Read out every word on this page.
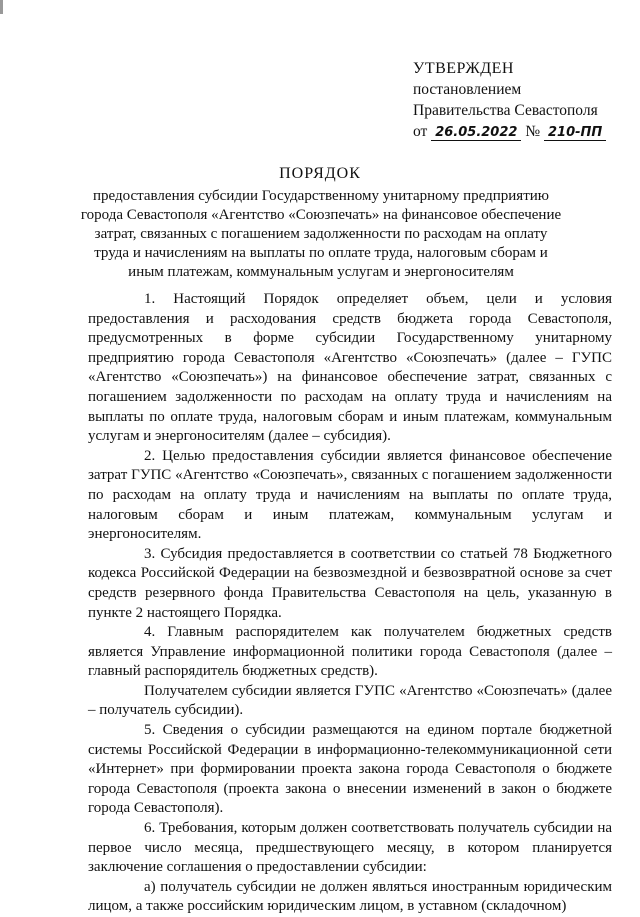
УТВЕРЖДЕН
постановлением
Правительства Севастополя
от 26.05.2022 № 210-ПП
ПОРЯДОК
предоставления субсидии Государственному унитарному предприятию города Севастополя «Агентство «Союзпечать» на финансовое обеспечение затрат, связанных с погашением задолженности по расходам на оплату труда и начислениям на выплаты по оплате труда, налоговым сборам и иным платежам, коммунальным услугам и энергоносителям

1. Настоящий Порядок определяет объем, цели и условия предоставления и расходования средств бюджета города Севастополя, предусмотренных в форме субсидии Государственному унитарному предприятию города Севастополя «Агентство «Союзпечать» (далее – ГУПС «Агентство «Союзпечать») на финансовое обеспечение затрат, связанных с погашением задолженности по расходам на оплату труда и начислениям на выплаты по оплате труда, налоговым сборам и иным платежам, коммунальным услугам и энергоносителям (далее – субсидия).

2. Целью предоставления субсидии является финансовое обеспечение затрат ГУПС «Агентство «Союзпечать», связанных с погашением задолженности по расходам на оплату труда и начислениям на выплаты по оплате труда, налоговым сборам и иным платежам, коммунальным услугам и энергоносителям.

3. Субсидия предоставляется в соответствии со статьей 78 Бюджетного кодекса Российской Федерации на безвозмездной и безвозвратной основе за счет средств резервного фонда Правительства Севастополя на цель, указанную в пункте 2 настоящего Порядка.

4. Главным распорядителем как получателем бюджетных средств является Управление информационной политики города Севастополя (далее – главный распорядитель бюджетных средств).

Получателем субсидии является ГУПС «Агентство «Союзпечать» (далее – получатель субсидии).

5. Сведения о субсидии размещаются на едином портале бюджетной системы Российской Федерации в информационно-телекоммуникационной сети «Интернет» при формировании проекта закона города Севастополя о бюджете города Севастополя (проекта закона о внесении изменений в закон о бюджете города Севастополя).

6. Требования, которым должен соответствовать получатель субсидии на первое число месяца, предшествующего месяцу, в котором планируется заключение соглашения о предоставлении субсидии:

а) получатель субсидии не должен являться иностранным юридическим лицом, а также российским юридическим лицом, в уставном (складочном)
